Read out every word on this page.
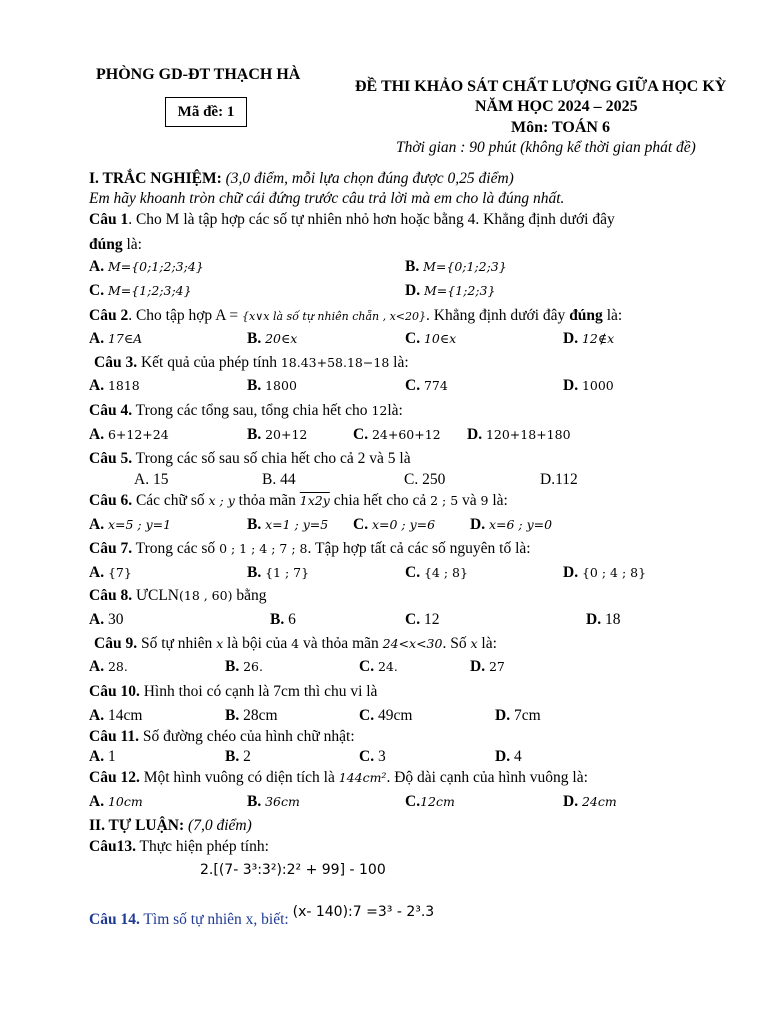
PHÒNG GD-ĐT THẠCH HÀ
Mã đề: 1
ĐỀ THI KHẢO SÁT CHẤT LƯỢNG GIỮA HỌC KỲ
NĂM HỌC 2024 – 2025
Môn: TOÁN 6
Thời gian : 90 phút (không kể thời gian phát đề)
I. TRẮC NGHIỆM: (3,0 điểm, mỗi lựa chọn đúng được 0,25 điểm)
Em hãy khoanh tròn chữ cái đứng trước câu trả lời mà em cho là đúng nhất.
Câu 1. Cho M là tập hợp các số tự nhiên nhỏ hơn hoặc bằng 4. Khẳng định dưới đây
đúng là:
A. M={0;1;2;3;4}	B. M={0;1;2;3}
C. M={1;2;3;4}	D. M={1;2;3}
Câu 2. Cho tập hợp A = {x∨x là số tự nhiên chẵn , x<20}. Khẳng định dưới đây đúng là:
A. 17∈A	B. 20∈x	C. 10∈x	D. 12∉x
Câu 3. Kết quả của phép tính 18.43+58.18−18 là:
A. 1818	B. 1800	C. 774	D. 1000
Câu 4. Trong các tổng sau, tổng chia hết cho 12là:
A. 6+12+24	B. 20+12	C. 24+60+12 D. 120+18+180
Câu 5. Trong các số sau số chia hết cho cả 2 và 5 là
A. 15	B. 44	C. 250	D.112
Câu 6. Các chữ số x ; y thỏa mãn 1x2y chia hết cho cả 2 ; 5 và 9 là:
A. x=5 ; y=1	B. x=1 ; y=5 C. x=0 ; y=6 D. x=6 ; y=0
Câu 7. Trong các số 0 ; 1 ; 4 ; 7 ; 8. Tập hợp tất cả các số nguyên tố là:
A. {7}	B. {1 ; 7}	C. {4 ; 8}	D. {0 ; 4 ; 8}
Câu 8. ƯCLN(18 , 60) bằng
A. 30	B. 6	C. 12	D. 18
Câu 9. Số tự nhiên x là bội của 4 và thỏa mãn 24<x<30. Số x là:
A. 28.	B. 26.	C. 24.	D. 27
Câu 10. Hình thoi có cạnh là 7cm thì chu vi là
A. 14cm	B. 28cm	C. 49cm	D. 7cm
Câu 11. Số đường chéo của hình chữ nhật:
A. 1	B. 2	C. 3	D. 4
Câu 12. Một hình vuông có diện tích là 144cm². Độ dài cạnh của hình vuông là:
A. 10cm	B. 36cm	C.12cm	D. 24cm
II. TỰ LUẬN: (7,0 điểm)
Câu13. Thực hiện phép tính:
2.[(7- 3³:3²):2² + 99] - 100
Câu 14. Tìm số tự nhiên x, biết: (x- 140):7 =3³ - 2³.3
